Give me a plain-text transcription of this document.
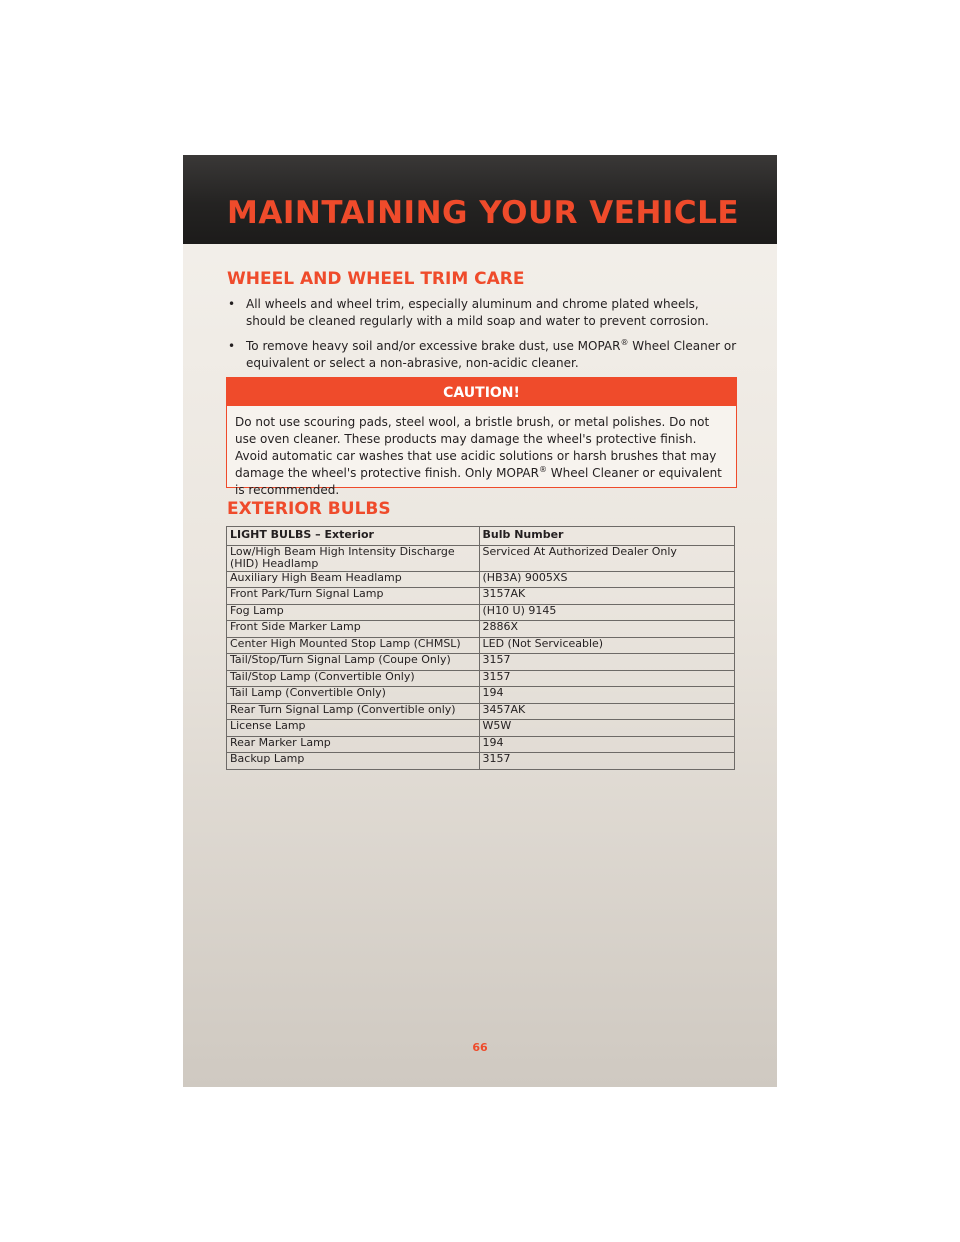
MAINTAINING YOUR VEHICLE
WHEEL AND WHEEL TRIM CARE
• All wheels and wheel trim, especially aluminum and chrome plated wheels, should be cleaned regularly with a mild soap and water to prevent corrosion.
• To remove heavy soil and/or excessive brake dust, use MOPAR® Wheel Cleaner or equivalent or select a non-abrasive, non-acidic cleaner.
CAUTION!
Do not use scouring pads, steel wool, a bristle brush, or metal polishes. Do not use oven cleaner. These products may damage the wheel's protective finish. Avoid automatic car washes that use acidic solutions or harsh brushes that may damage the wheel's protective finish. Only MOPAR® Wheel Cleaner or equivalent is recommended.
EXTERIOR BULBS
LIGHT BULBS – Exterior	Bulb Number
Low/High Beam High Intensity Discharge (HID) Headlamp	Serviced At Authorized Dealer Only
Auxiliary High Beam Headlamp	(HB3A) 9005XS
Front Park/Turn Signal Lamp	3157AK
Fog Lamp	(H10 U) 9145
Front Side Marker Lamp	2886X
Center High Mounted Stop Lamp (CHMSL)	LED (Not Serviceable)
Tail/Stop/Turn Signal Lamp (Coupe Only)	3157
Tail/Stop Lamp (Convertible Only)	3157
Tail Lamp (Convertible Only)	194
Rear Turn Signal Lamp (Convertible only)	3457AK
License Lamp	W5W
Rear Marker Lamp	194
Backup Lamp	3157
66
